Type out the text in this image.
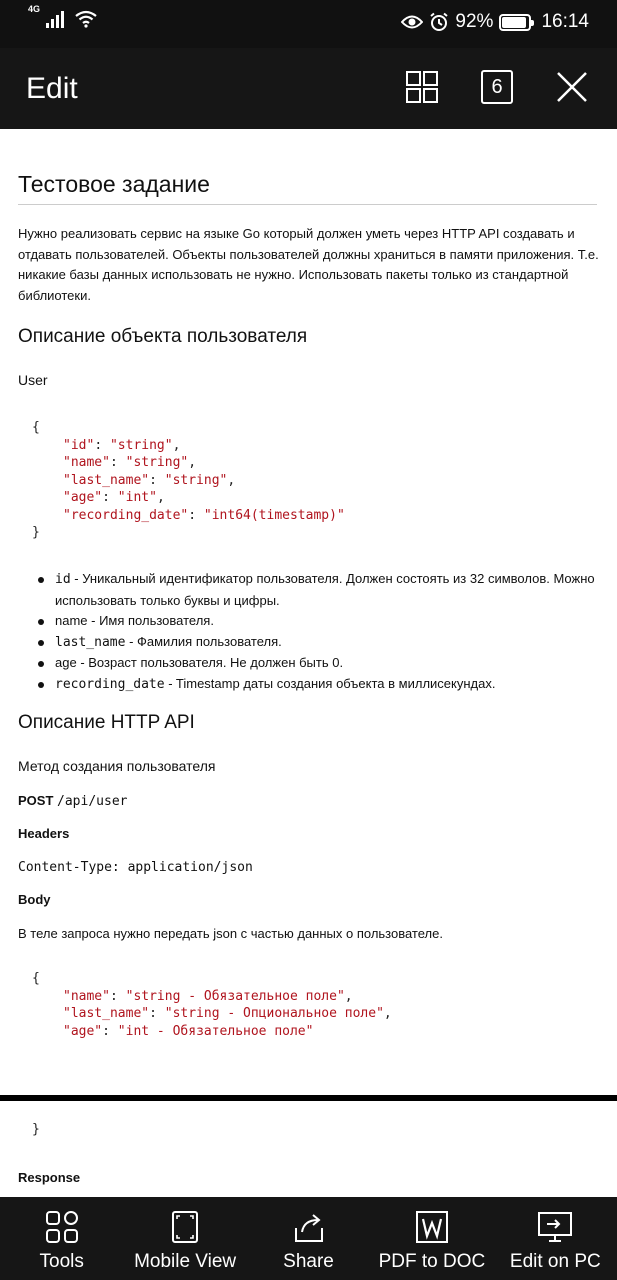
4G
92%	16:14
Edit	6
Тестовое задание
Нужно реализовать сервис на языке Go который должен уметь через HTTP API создавать и отдавать пользователей. Объекты пользователей должны храниться в памяти приложения. Т.е. никакие базы данных использовать не нужно. Использовать пакеты только из стандартной библиотеки.
Описание объекта пользователя
User
{
"id": "string",
"name": "string",
"last_name": "string",
"age": "int",
"recording_date": "int64(timestamp)"
}
id - Уникальный идентификатор пользователя. Должен состоять из 32 символов. Можно использовать только буквы и цифры.
name - Имя пользователя.
last_name - Фамилия пользователя.
age - Возраст пользователя. Не должен быть 0.
recording_date - Timestamp даты создания объекта в миллисекундах.
Описание HTTP API
Метод создания пользователя
POST /api/user
Headers
Content-Type: application/json
Body
В теле запроса нужно передать json с частью данных о пользователе.
{
"name": "string - Обязательное поле",
"last_name": "string - Опциональное поле",
"age": "int - Обязательное поле"
}
Response
Tools	Mobile View Share PDF to DOC Edit on PC
